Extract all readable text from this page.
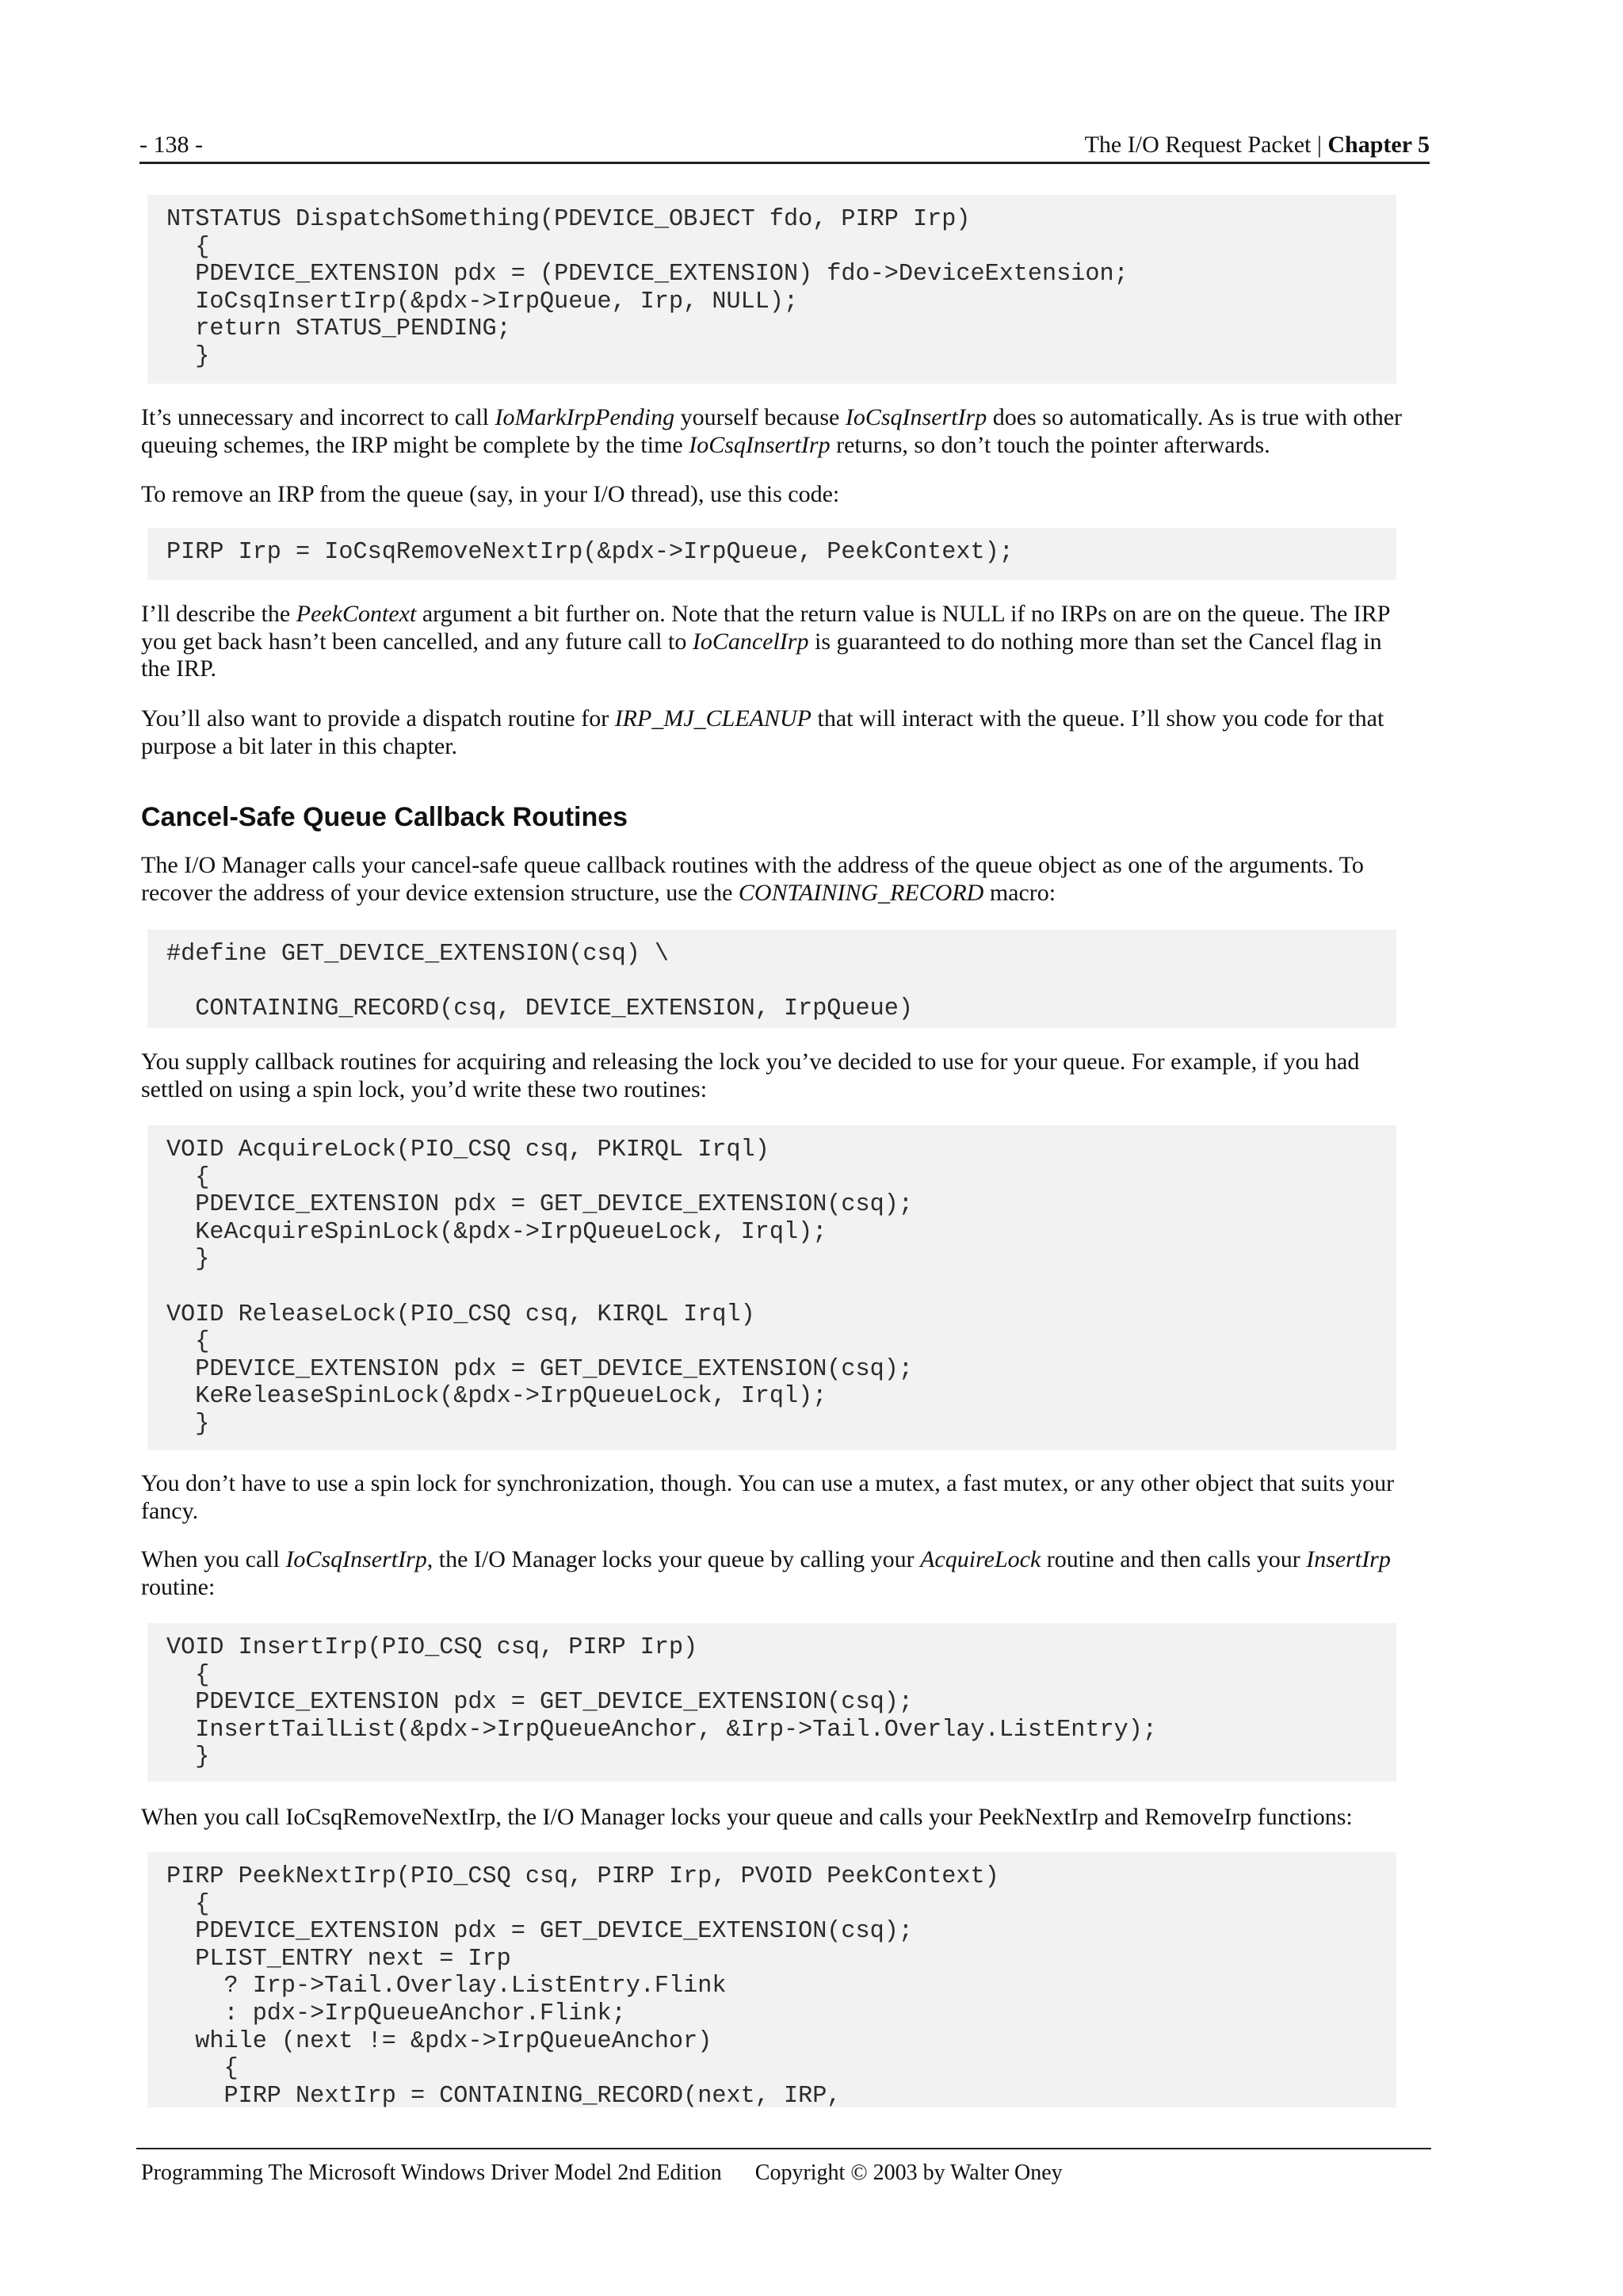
- 138 -	The I/O Request Packet | Chapter 5
NTSTATUS DispatchSomething(PDEVICE_OBJECT fdo, PIRP Irp)
{
PDEVICE_EXTENSION pdx = (PDEVICE_EXTENSION) fdo->DeviceExtension;
IoCsqInsertIrp(&pdx->IrpQueue, Irp, NULL);
return STATUS_PENDING;
}

It’s unnecessary and incorrect to call IoMarkIrpPending yourself because IoCsqInsertIrp does so automatically. As is true with other queuing schemes, the IRP might be complete by the time IoCsqInsertIrp returns, so don’t touch the pointer afterwards.

To remove an IRP from the queue (say, in your I/O thread), use this code:

PIRP Irp = IoCsqRemoveNextIrp(&pdx->IrpQueue, PeekContext);

I’ll describe the PeekContext argument a bit further on. Note that the return value is NULL if no IRPs on are on the queue. The IRP you get back hasn’t been cancelled, and any future call to IoCancelIrp is guaranteed to do nothing more than set the Cancel flag in the IRP.

You’ll also want to provide a dispatch routine for IRP_MJ_CLEANUP that will interact with the queue. I’ll show you code for that purpose a bit later in this chapter.

Cancel-Safe Queue Callback Routines

The I/O Manager calls your cancel-safe queue callback routines with the address of the queue object as one of the arguments. To recover the address of your device extension structure, use the CONTAINING_RECORD macro:

#define GET_DEVICE_EXTENSION(csq) \
CONTAINING_RECORD(csq, DEVICE_EXTENSION, IrpQueue)

You supply callback routines for acquiring and releasing the lock you’ve decided to use for your queue. For example, if you had settled on using a spin lock, you’d write these two routines:

VOID AcquireLock(PIO_CSQ csq, PKIRQL Irql)
{
PDEVICE_EXTENSION pdx = GET_DEVICE_EXTENSION(csq);
KeAcquireSpinLock(&pdx->IrpQueueLock, Irql);
}
VOID ReleaseLock(PIO_CSQ csq, KIRQL Irql)
{
PDEVICE_EXTENSION pdx = GET_DEVICE_EXTENSION(csq);
KeReleaseSpinLock(&pdx->IrpQueueLock, Irql);
}

You don’t have to use a spin lock for synchronization, though. You can use a mutex, a fast mutex, or any other object that suits your fancy.

When you call IoCsqInsertIrp, the I/O Manager locks your queue by calling your AcquireLock routine and then calls your InsertIrp routine:

VOID InsertIrp(PIO_CSQ csq, PIRP Irp)
{
PDEVICE_EXTENSION pdx = GET_DEVICE_EXTENSION(csq);
InsertTailList(&pdx->IrpQueueAnchor, &Irp->Tail.Overlay.ListEntry);
}

When you call IoCsqRemoveNextIrp, the I/O Manager locks your queue and calls your PeekNextIrp and RemoveIrp functions:

PIRP PeekNextIrp(PIO_CSQ csq, PIRP Irp, PVOID PeekContext)
{
PDEVICE_EXTENSION pdx = GET_DEVICE_EXTENSION(csq);
PLIST_ENTRY next = Irp
? Irp->Tail.Overlay.ListEntry.Flink
: pdx->IrpQueueAnchor.Flink;
while (next != &pdx->IrpQueueAnchor)
{
PIRP NextIrp = CONTAINING_RECORD(next, IRP,
Programming The Microsoft Windows Driver Model 2nd Edition Copyright © 2003 by Walter Oney
